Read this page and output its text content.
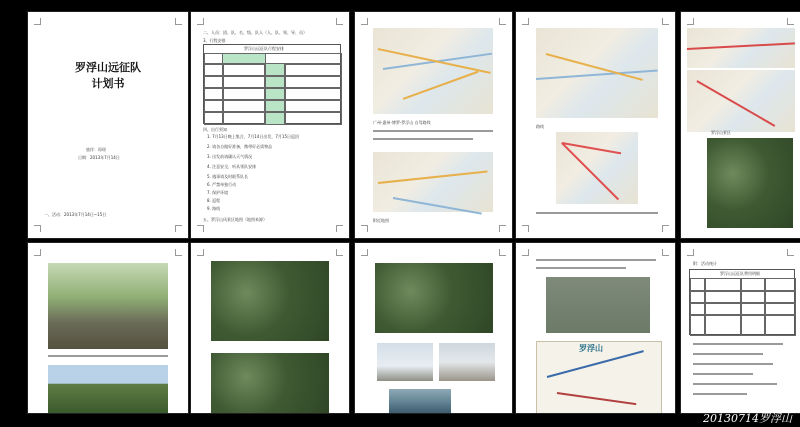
罗浮山远征队
计划书
旅伴：琼瑶
日期：2013年7月14日
一、活动：2013年7月14日~15日
二、人员：团、队、名、级、队人（人、队、领、导、员）
3、行程安排
罗浮山远征队行程安排
四、出行须知
1. 7月13日晚上集合，7月14日出发，7月15日返回
2. 请各自做好准备，携带好必需物品
3. 出发前请确认天气情况
4. 注意安全，听从领队安排
5. 遇事请及时联系队长
6. 严禁单独行动
7. 保护环境
8. 返程
9. 路线
五、罗浮山风景区地图（地图来源）
广州-惠州-博罗-罗浮山 自驾路线
附近地图
路线
罗浮山景区
罗浮山
附：活动统计
罗浮山远征队费用明细
20130714罗浮山
